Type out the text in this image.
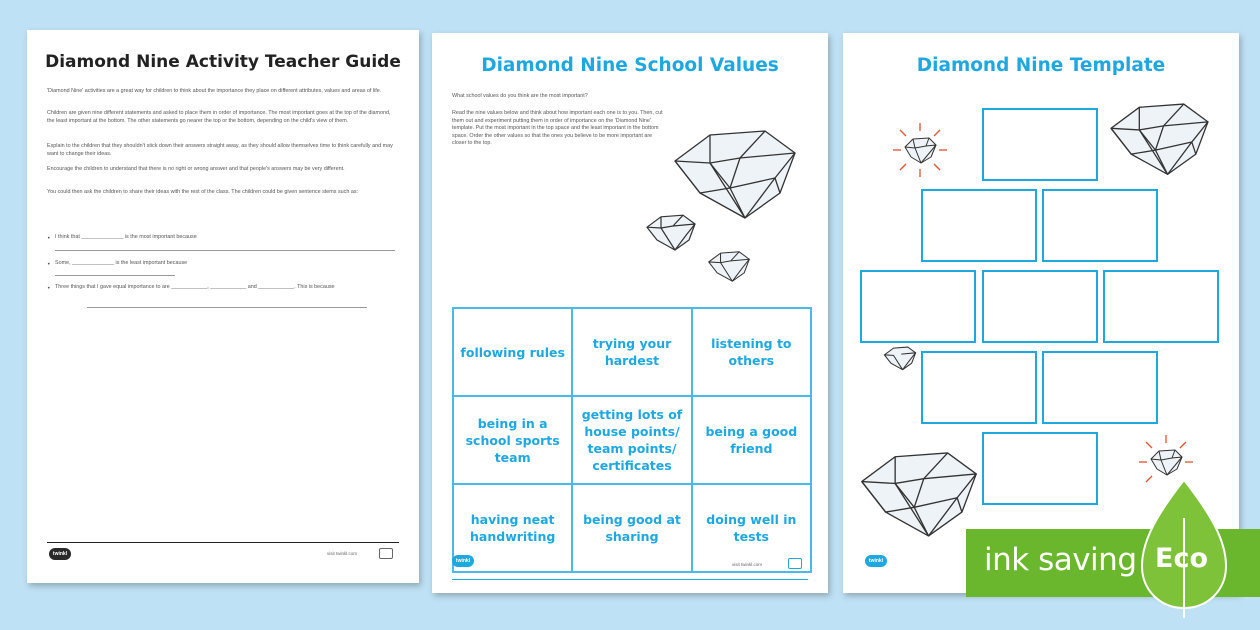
Diamond Nine Activity Teacher Guide
'Diamond Nine' activities are a great way for children to think about the importance they place on different attributes, values and areas of life.
Children are given nine different statements and asked to place them in order of importance. The most important goes at the top of the diamond, the least important at the bottom. The other statements go nearer the top or the bottom, depending on the child's view of them.
Explain to the children that they shouldn't stick down their answers straight away, as they should allow themselves time to think carefully and may want to change their ideas.
Encourage the children to understand that there is no right or wrong answer and that people's answers may be very different.
You could then ask the children to share their ideas with the rest of the class. The children could be given sentence stems such as:
• I think that ______________ is the most important because
• Some, ______________ is the least important because
• Three things that I gave equal importance to are ____________, ____________ and ____________. This is because
twinkl	visit twinkl.com
Diamond Nine School Values
What school values do you think are the most important?
Read the nine values below and think about how important each one is to you. Then, cut them out and experiment putting them in order of importance on the 'Diamond Nine' template. Put the most important in the top space and the least important in the bottom space. Order the other values so that the ones you believe to be more important are closer to the top.
following rules
trying your hardest
listening to others
being in a school sports team
getting lots of house points/ team points/ certificates
being a good friend
having neat handwriting
being good at sharing
doing well in tests
twinkl
visit twinkl.com
Diamond Nine Template
twinkl	ink saving Eco
